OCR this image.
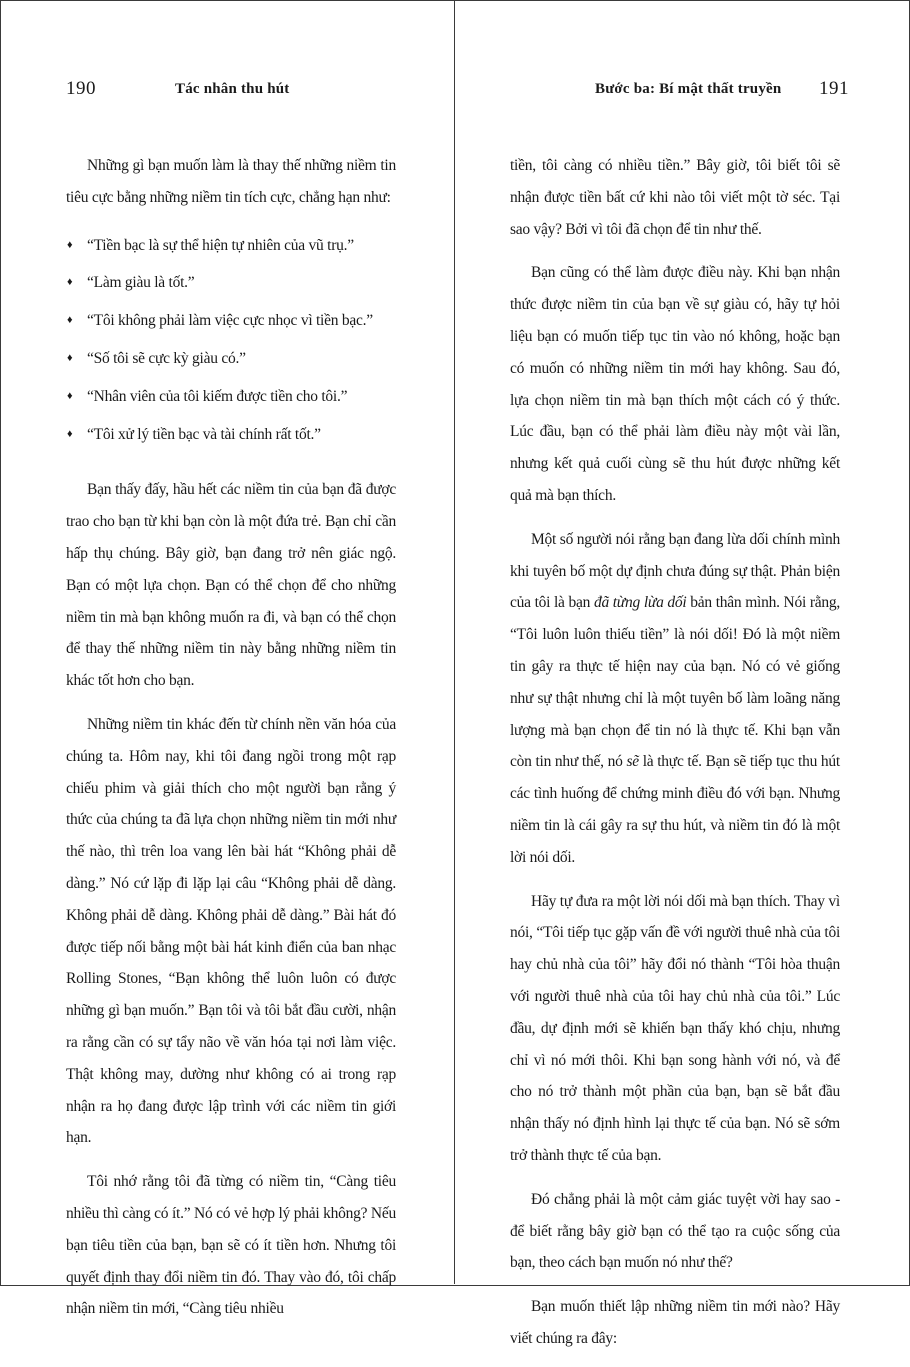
190	Tác nhân thu hút

Những gì bạn muốn làm là thay thế những niềm tin tiêu cực bằng những niềm tin tích cực, chẳng hạn như:

♦ “Tiền bạc là sự thể hiện tự nhiên của vũ trụ.”
♦ “Làm giàu là tốt.”
♦ “Tôi không phải làm việc cực nhọc vì tiền bạc.”
♦ “Số tôi sẽ cực kỳ giàu có.”
♦ “Nhân viên của tôi kiếm được tiền cho tôi.”
♦ “Tôi xử lý tiền bạc và tài chính rất tốt.”

Bạn thấy đấy, hầu hết các niềm tin của bạn đã được trao cho bạn từ khi bạn còn là một đứa trẻ. Bạn chỉ cần hấp thụ chúng. Bây giờ, bạn đang trở nên giác ngộ. Bạn có một lựa chọn. Bạn có thể chọn để cho những niềm tin mà bạn không muốn ra đi, và bạn có thể chọn để thay thế những niềm tin này bằng những niềm tin khác tốt hơn cho bạn.

Những niềm tin khác đến từ chính nền văn hóa của chúng ta. Hôm nay, khi tôi đang ngồi trong một rạp chiếu phim và giải thích cho một người bạn rằng ý thức của chúng ta đã lựa chọn những niềm tin mới như thế nào, thì trên loa vang lên bài hát “Không phải dễ dàng.” Nó cứ lặp đi lặp lại câu “Không phải dễ dàng. Không phải dễ dàng. Không phải dễ dàng.” Bài hát đó được tiếp nối bằng một bài hát kinh điển của ban nhạc Rolling Stones, “Bạn không thể luôn luôn có được những gì bạn muốn.” Bạn tôi và tôi bắt đầu cười, nhận ra rằng cần có sự tẩy não về văn hóa tại nơi làm việc. Thật không may, dường như không có ai trong rạp nhận ra họ đang được lập trình với các niềm tin giới hạn.

Tôi nhớ rằng tôi đã từng có niềm tin, “Càng tiêu nhiều thì càng có ít.” Nó có vẻ hợp lý phải không? Nếu bạn tiêu tiền của bạn, bạn sẽ có ít tiền hơn. Nhưng tôi quyết định thay đổi niềm tin đó. Thay vào đó, tôi chấp nhận niềm tin mới, “Càng tiêu nhiều

Bước ba: Bí mật thất truyền 191

tiền, tôi càng có nhiều tiền.” Bây giờ, tôi biết tôi sẽ nhận được tiền bất cứ khi nào tôi viết một tờ séc. Tại sao vậy? Bởi vì tôi đã chọn để tin như thế.

Bạn cũng có thể làm được điều này. Khi bạn nhận thức được niềm tin của bạn về sự giàu có, hãy tự hỏi liệu bạn có muốn tiếp tục tin vào nó không, hoặc bạn có muốn có những niềm tin mới hay không. Sau đó, lựa chọn niềm tin mà bạn thích một cách có ý thức. Lúc đầu, bạn có thể phải làm điều này một vài lần, nhưng kết quả cuối cùng sẽ thu hút được những kết quả mà bạn thích.

Một số người nói rằng bạn đang lừa dối chính mình khi tuyên bố một dự định chưa đúng sự thật. Phản biện của tôi là bạn đã từng lừa dối bản thân mình. Nói rằng, “Tôi luôn luôn thiếu tiền” là nói dối! Đó là một niềm tin gây ra thực tế hiện nay của bạn. Nó có vẻ giống như sự thật nhưng chỉ là một tuyên bố làm loãng năng lượng mà bạn chọn để tin nó là thực tế. Khi bạn vẫn còn tin như thế, nó sẽ là thực tế. Bạn sẽ tiếp tục thu hút các tình huống để chứng minh điều đó với bạn. Nhưng niềm tin là cái gây ra sự thu hút, và niềm tin đó là một lời nói dối.

Hãy tự đưa ra một lời nói dối mà bạn thích. Thay vì nói, “Tôi tiếp tục gặp vấn đề với người thuê nhà của tôi hay chủ nhà của tôi” hãy đổi nó thành “Tôi hòa thuận với người thuê nhà của tôi hay chủ nhà của tôi.” Lúc đầu, dự định mới sẽ khiến bạn thấy khó chịu, nhưng chỉ vì nó mới thôi. Khi bạn song hành với nó, và để cho nó trở thành một phần của bạn, bạn sẽ bắt đầu nhận thấy nó định hình lại thực tế của bạn. Nó sẽ sớm trở thành thực tế của bạn.

Đó chẳng phải là một cảm giác tuyệt vời hay sao - để biết rằng bây giờ bạn có thể tạo ra cuộc sống của bạn, theo cách bạn muốn nó như thế?

Bạn muốn thiết lập những niềm tin mới nào? Hãy viết chúng ra đây:
